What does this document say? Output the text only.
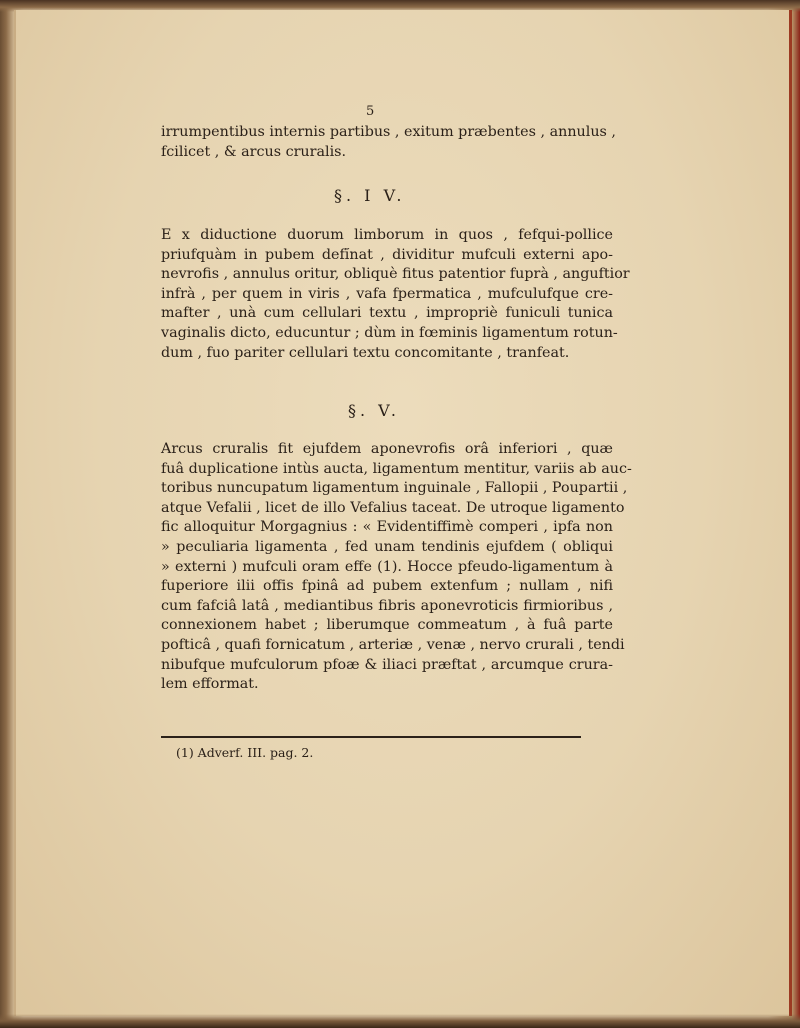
5
irrumpentibus internis partibus , exitum præbentes , annulus ,
fcilicet , & arcus cruralis.
§. I V.
E x diductione duorum limborum in quos , fefqui-pollice
priufquàm in pubem defĭnat , dividitur mufculi externi apo-
nevrofis , annulus oritur, obliquè fitus patentior fuprà , anguftior
infrà , per quem in viris , vafa fpermatica , mufculufque cre-
mafter , unà cum cellulari textu , impropriè funiculi tunica
vaginalis dicto, educuntur ; dùm in fœminis ligamentum rotun-
dum , fuo pariter cellulari textu concomitante , tranfeat.
§. V.
Arcus cruralis fit ejufdem aponevrofis orâ inferiori , quæ
fuâ duplicatione intùs aucta, ligamentum mentitur, variis ab auc-
toribus nuncupatum ligamentum inguinale , Fallopii , Poupartii ,
atque Vefalii , licet de illo Vefalius taceat. De utroque ligamento
fic alloquitur Morgagnius : « Evidentiffimè comperi , ipfa non
» peculiaria ligamenta , fed unam tendinis ejufdem ( obliqui
» externi ) mufculi oram effe (1). Hocce pfeudo-ligamentum à
fuperiore ilii offis fpinâ ad pubem extenfum ; nullam , nifi
cum fafciâ latâ , mediantibus fibris aponevroticis firmioribus ,
connexionem habet ; liberumque commeatum , à fuâ parte
pofticâ , quafi fornicatum , arteriæ , venæ , nervo crurali , tendi
nibufque mufculorum pfoæ & iliaci præftat , arcumque crura-
lem efformat.
(1) Adverf. III. pag. 2.
